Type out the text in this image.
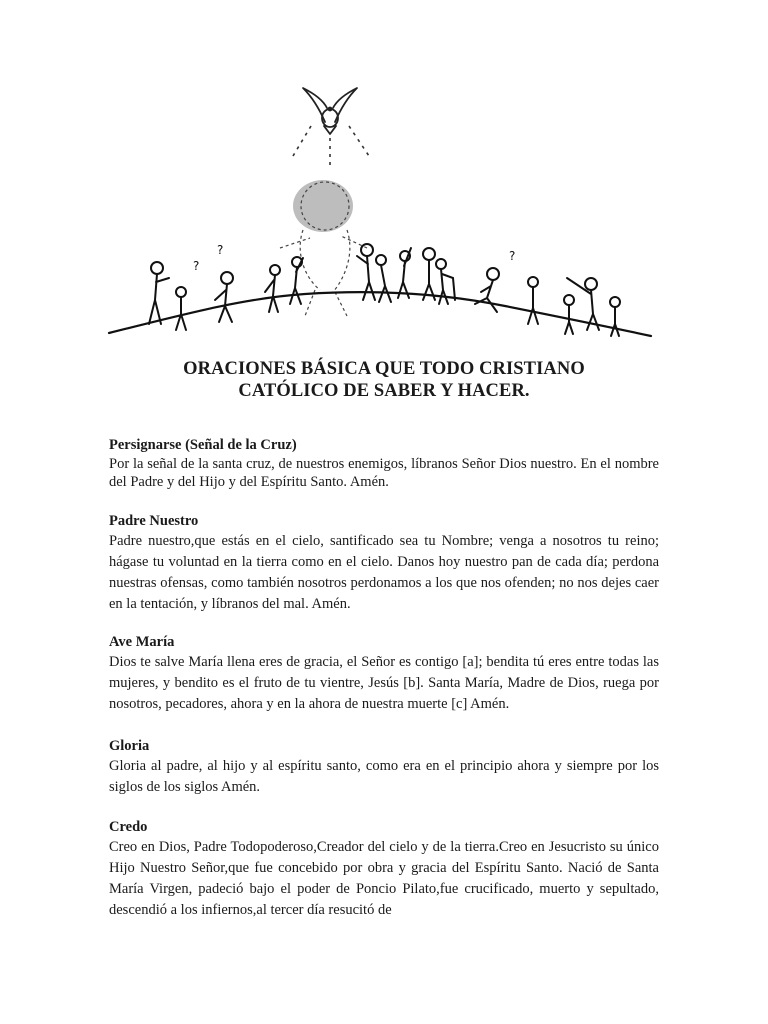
?
?	?
ORACIONES BÁSICA QUE TODO CRISTIANO
CATÓLICO DE SABER Y HACER.
Persignarse (Señal de la Cruz)

Por la señal de la santa cruz, de nuestros enemigos, líbranos Señor Dios nuestro. En el nombre del Padre y del Hijo y del Espíritu Santo. Amén.

Padre Nuestro

Padre nuestro,que estás en el cielo, santificado sea tu Nombre; venga a nosotros tu reino; hágase tu voluntad en la tierra como en el cielo. Danos hoy nuestro pan de cada día; perdona nuestras ofensas, como también nosotros perdonamos a los que nos ofenden; no nos dejes caer en la tentación, y líbranos del mal. Amén.

Ave María

Dios te salve María llena eres de gracia, el Señor es contigo [a]; bendita tú eres entre todas las mujeres, y bendito es el fruto de tu vientre, Jesús [b]. Santa María, Madre de Dios, ruega por nosotros, pecadores, ahora y en la ahora de nuestra muerte [c] Amén.

Gloria

Gloria al padre, al hijo y al espíritu santo, como era en el principio ahora y siempre por los siglos de los siglos Amén.

Credo

Creo en Dios, Padre Todopoderoso,Creador del cielo y de la tierra.Creo en Jesucristo su único Hijo Nuestro Señor,que fue concebido por obra y gracia del Espíritu Santo. Nació de Santa María Virgen, padeció bajo el poder de Poncio Pilato,fue crucificado, muerto y sepultado, descendió a los infiernos,al tercer día resucitó de
